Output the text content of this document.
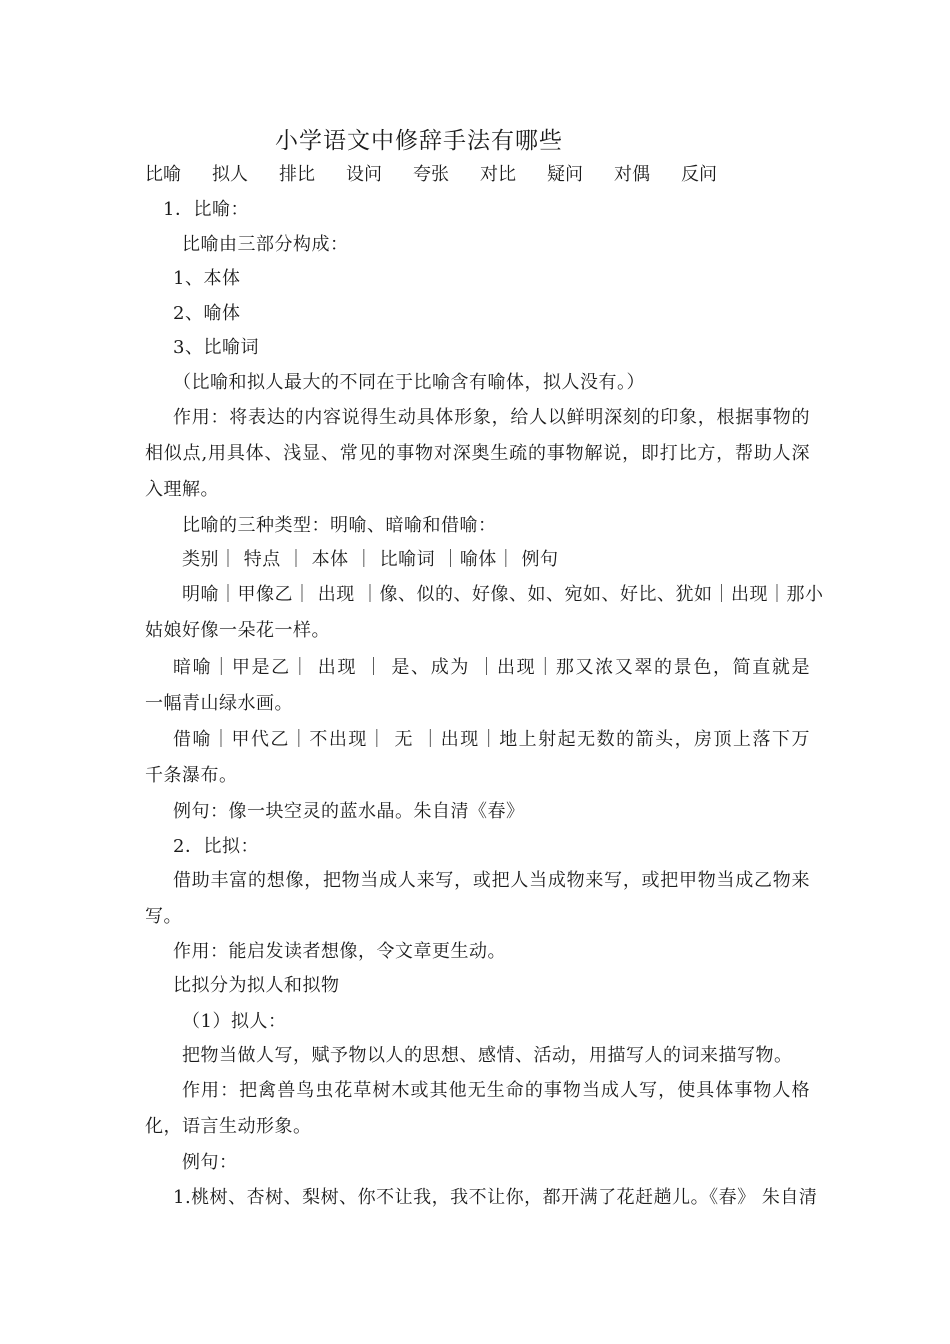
小学语文中修辞手法有哪些
比喻	拟人	排比	设问	夸张	对比	疑问	对偶	反问
1．比喻：
比喻由三部分构成：
1、本体
2、喻体
3、比喻词
（比喻和拟人最大的不同在于比喻含有喻体，拟人没有。）
作用：将表达的内容说得生动具体形象，给人以鲜明深刻的印象，根据事物的
相似点,用具体、浅显、常见的事物对深奥生疏的事物解说，即打比方，帮助人深
入理解。
比喻的三种类型：明喻、暗喻和借喻：
类别｜ 特点 ｜ 本体 ｜ 比喻词 ｜喻体｜ 例句
明喻｜甲像乙｜ 出现 ｜像、似的、好像、如、宛如、好比、犹如｜出现｜那小
姑娘好像一朵花一样。
暗喻｜甲是乙｜ 出现 ｜ 是、成为 ｜出现｜那又浓又翠的景色，简直就是
一幅青山绿水画。
借喻｜甲代乙｜不出现｜ 无 ｜出现｜地上射起无数的箭头，房顶上落下万
千条瀑布。
例句：像一块空灵的蓝水晶。朱自清《春》
2．比拟：
借助丰富的想像，把物当成人来写，或把人当成物来写，或把甲物当成乙物来
写。
作用：能启发读者想像，令文章更生动。
比拟分为拟人和拟物
（1）拟人：
把物当做人写，赋予物以人的思想、感情、活动，用描写人的词来描写物。
作用：把禽兽鸟虫花草树木或其他无生命的事物当成人写，使具体事物人格
化，语言生动形象。
例句：
1.桃树、杏树、梨树、你不让我，我不让你，都开满了花赶趟儿。《春》 朱自清
